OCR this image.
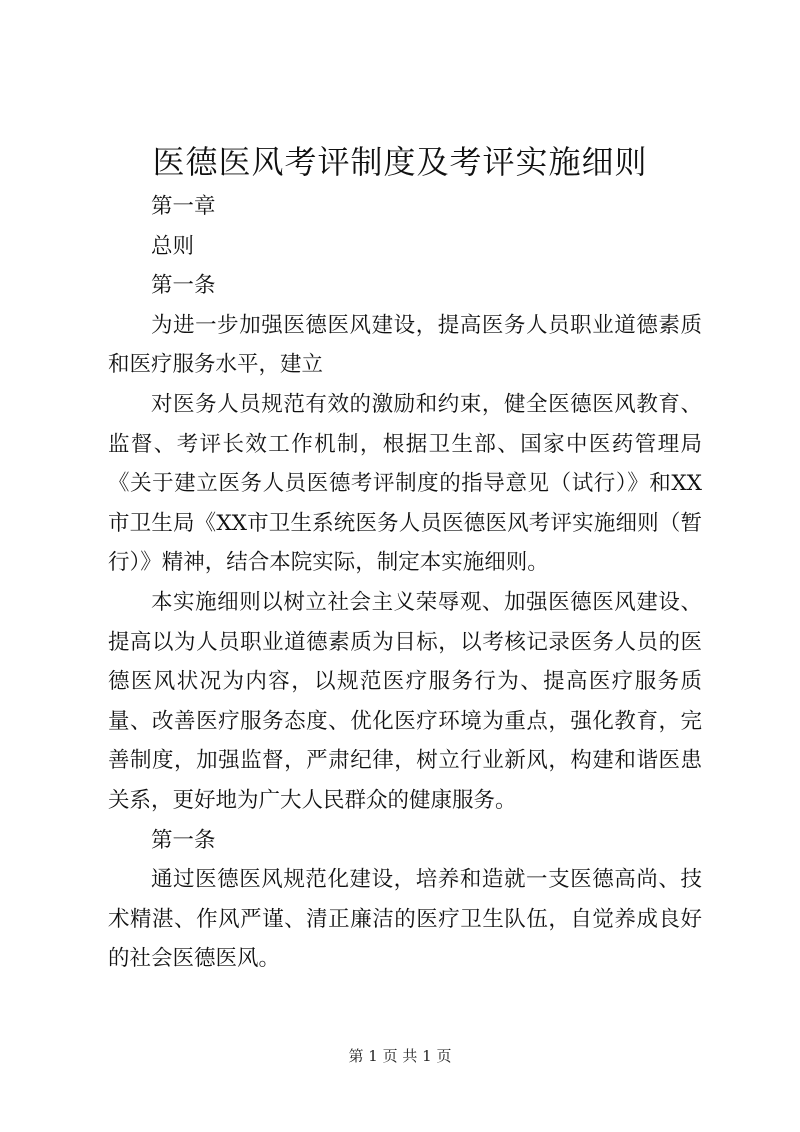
医德医风考评制度及考评实施细则

第一章

总则

第一条

为进一步加强医德医风建设，提高医务人员职业道德素质和医疗服务水平，建立

对医务人员规范有效的激励和约束，健全医德医风教育、监督、考评长效工作机制，根据卫生部、国家中医药管理局《关于建立医务人员医德考评制度的指导意见（试行）》和XX市卫生局《XX市卫生系统医务人员医德医风考评实施细则（暂行）》精神，结合本院实际，制定本实施细则。

本实施细则以树立社会主义荣辱观、加强医德医风建设、提高以为人员职业道德素质为目标，以考核记录医务人员的医德医风状况为内容，以规范医疗服务行为、提高医疗服务质量、改善医疗服务态度、优化医疗环境为重点，强化教育，完善制度，加强监督，严肃纪律，树立行业新风，构建和谐医患关系，更好地为广大人民群众的健康服务。

第一条

通过医德医风规范化建设，培养和造就一支医德高尚、技术精湛、作风严谨、清正廉洁的医疗卫生队伍，自觉养成良好的社会医德医风。

第 1 页 共 1 页
